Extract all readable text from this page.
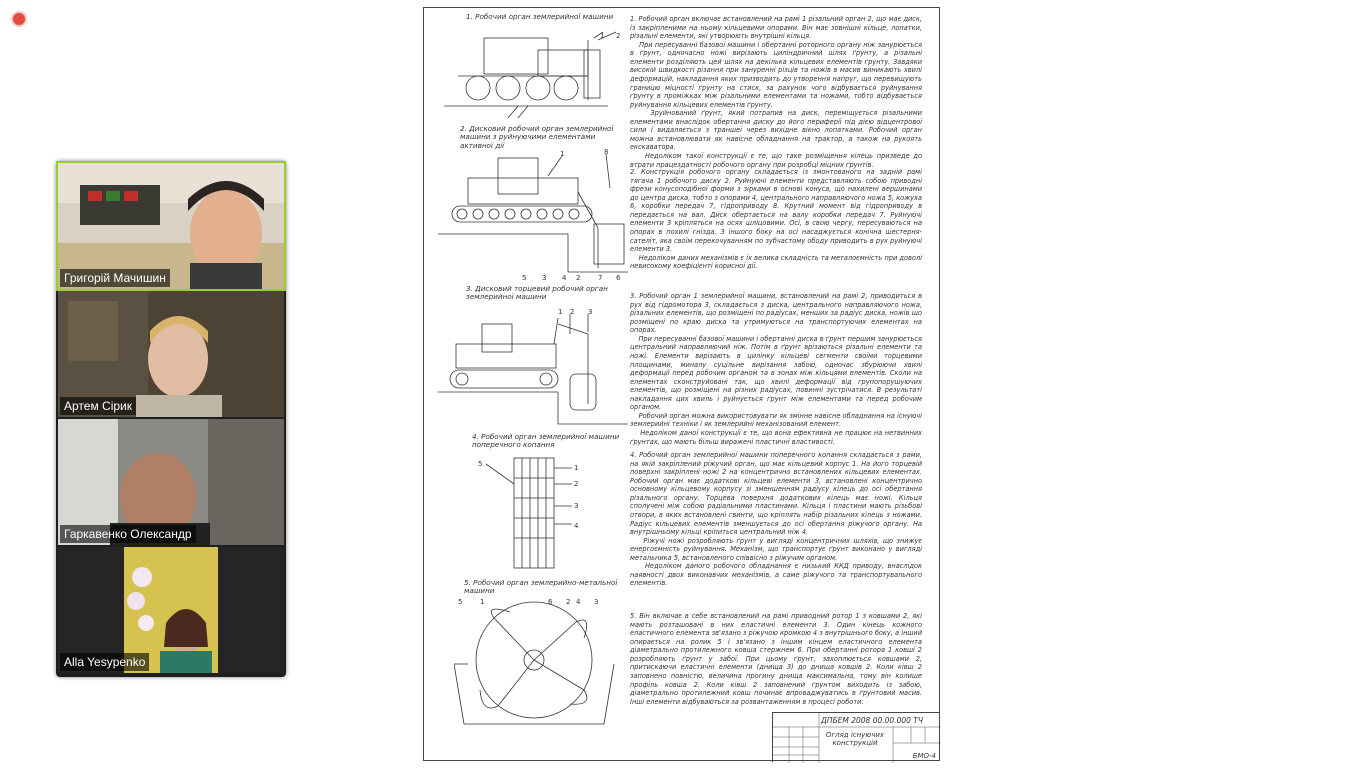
Григорій Мачишин
Артем Сірик
Гаркавенко Олександр
Alla Yesypenko
1. Робочий орган землерийної машини
2. Дисковий робочий орган землерийної машини з руйнуючими елементами активної дії
3. Дисковий торцевий робочий орган землерийної машини
4. Робочий орган землерийної машини поперечного копання
5. Робочий орган землерийно-метальної машини
1 2
8
1
5 3 4 2	7 6
1 2 3
5	1
2
3
4
5	1	6 2 4 3
1. Робочий орган включає встановлений на рамі 1 різальний орган 2, що має диск, із закріпленими на ньому кільцевими опорами. Він має зовнішні кільце, лопатки, різальні елементи, які утворюють внутрішні кільця.
При пересуванні базової машини і обертанні роторного органу ніж занурюється в ґрунт, одночасно ножі вирізають циліндричний шлях ґрунту, а різальні елементи розділяють цей шлях на декілька кільцевих елементів ґрунту. Завдяки високій швидкості різання при зануренні різців та ножів в масив виникають хвилі деформацій, накладання яких призводить до утворення напруг, що перевищують границю міцності ґрунту на стиск, за рахунок чого відбувається руйнування ґрунту в проміжках між різальними елементами та ножами, тобто відбувається руйнування кільцевих елементів ґрунту.
Зруйнований ґрунт, який потрапив на диск, переміщується різальними елементами внаслідок обертання диску до його периферії під дією відцентрової сили і видаляється з траншеї через вихідне вікно лопатками. Робочий орган можна встановлювати як навісне обладнання на трактор, а також на рукоять екскаватора.
Недоліком такої конструкції є те, що таке розміщення кілець призведе до втрати працездатності робочого органу при розробці міцних ґрунтів.
2. Конструкція робочого органу складається із змонтованого на задній рамі тягача 1 робочого диску 2. Руйнуючі елементи представляють собою приводні фрези конусоподібної форми з зірками в основі конуса, що нахилені вершинами до центра диска, тобто з опорами 4, центрального направляючого ножа 5, кожуха 6, коробки передач 7, гідроприводу 8. Крутний момент від гідроприводу в передається на вал. Диск обертається на валу коробки передач 7. Руйнуючі елементи 3 кріпляться на осях шліцовими. Осі, в свою чергу, пересуваються на опорах в похилі гнізда. З іншого боку на осі насаджується конічна шестерня-сателіт, яка своїм перекочуванням по зубчастому ободу приводить в рух руйнуючі елементи 3.
Недоліком даних механізмів є їх велика складність та металоємність при доволі невисокому коефіцієнті корисної дії.
3. Робочий орган 1 землерийної машини, встановлений на рамі 2, приводиться в рух від гідромотора 3, складається з диска, центрального направляючого ножа, різальних елементів, що розміщені по радіусах, менших за радіус диска, ножів що розміщені по краю диска та утримуються на транспортуючих елементах на опорах.
При пересуванні базової машини і обертанні диска в ґрунт першим занурюється центральний направляючий ніж. Потім в ґрунт врізаються різальні елементи та ножі. Елементи вирізають в цилінку кільцеві сегменти своїми торцевими площинами, миналу суцільне вирізання забою, одночас збурюючи хвилі деформації перед робочим органом та в зонах між кільцями елементів. Сколи на елементах сконструйовані так, що хвилі деформації від групопорушуючих елементів, що розміщені на різних радіусах, повинні зустрічатися. В результаті накладання цих хвиль і руйнується ґрунт між елементами та перед робочим органом.
Робочий орган можна використовувати як змінне навісне обладнання на існуючі землерийні техніки і як землерийні механізований елемент.
Недоліком даної конструкції є те, що вона ефективна не працює на нетвинних ґрунтах, що мають більш виражені пластичні властивості.
4. Робочий орган землерийної машини поперечного копання складається з рами, на якій закріплений ріжучий орган, що має кільцевий корпус 1. На його торцевій поверхні закріплені ножі 2 на концентрично встановлених кільцевих елементах. Робочий орган має додаткові кільцеві елементи 3, встановлені концентрично основному кільцевому корпусу зі зменшенням радіусу кілець до осі обертання різального органу. Торцева поверхня додаткових кілець має ножі. Кільця сполучені між собою радіальними пластинами. Кільця і пластини мають різьбові отвори, в яких встановлені гвинти, що кріплять набір різальних кілець з ножами. Радіус кільцевих елементів зменшується до осі обертання ріжучого органу. На внутрішньому кільці кріпиться центральний ніж 4.
Ріжучі ножі розробляють ґрунт у вигляді концентричних шляхів, що знижує енергоємність руйнування. Механізм, що транспортує ґрунт виконано у вигляді метальника 5, встановленого співвісно з ріжучим органом.
Недоліком даного робочого обладнання є низький ККД приводу, внаслідок наявності двох виконавчих механізмів, а саме ріжучого та транспортувального елементів.
5. Він включає в себе встановлений на рамі приводний ротор 1 з ковшами 2, які мають розташовані в них еластичні елементи 3. Один кінець кожного еластичного елемента зв'язано з ріжучою кромкою 4 з внутрішнього боку, а інший опирається на ролик 5 і зв'язано з іншим кінцем еластичного елемента діаметрально протилежного ковша стержнем 6. При обертанні ротора 1 ковші 2 розробляють ґрунт у забої. При цьому ґрунт, захоплюється ковшами 2, притискаючи еластичні елементи (днища 3) до днища ковшів 2. Коли ківш 2 заповнено повністю, величина прогину днища максимальна, тому він колише профіль ковша 2. Коли ківш 2 заповнений ґрунтом виходить із забою, діаметрально протилежний ковш починає впроваджуватись в ґрунтовий масив. Інші елементи відбуваються за розвантаженням в процесі роботи.
ДПБЕМ 2008 00.00.000 ТЧ
Огляд існуючих конструкцій
БМО-4
